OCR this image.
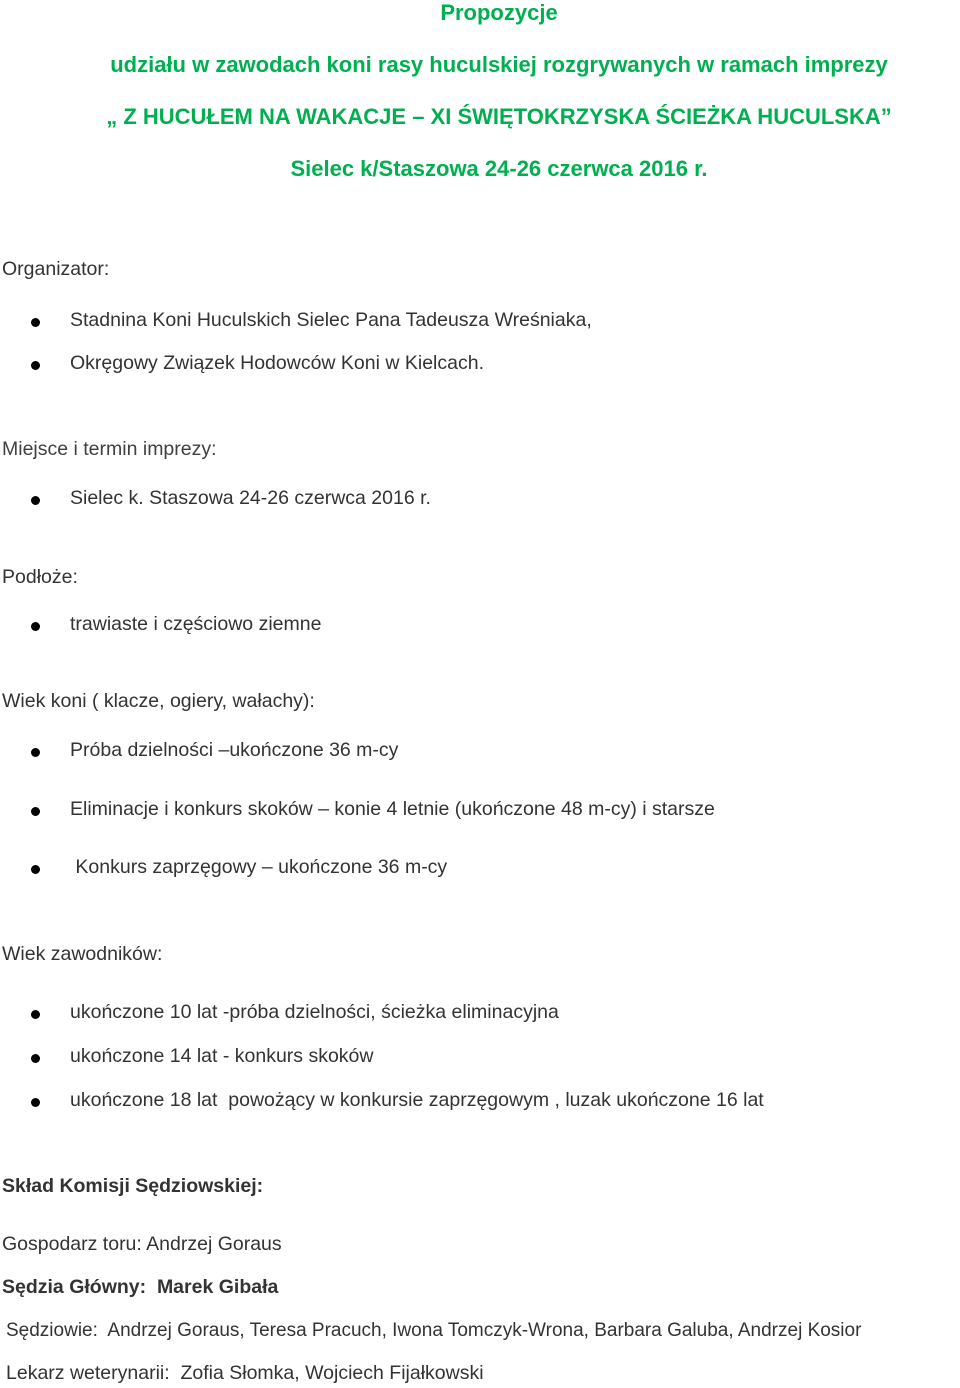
Propozycje
udziału w zawodach koni rasy huculskiej rozgrywanych w ramach imprezy
„ Z HUCUŁEM NA WAKACJE – XI ŚWIĘTOKRZYSKA ŚCIEŻKA HUCULSKA”
Sielec k/Staszowa 24-26 czerwca 2016 r.
Organizator:
Stadnina Koni Huculskich Sielec Pana Tadeusza Wreśniaka,
Okręgowy Związek Hodowców Koni w Kielcach.
Miejsce i termin imprezy:
Sielec k. Staszowa 24-26 czerwca 2016 r.
Podłoże:
trawiaste i częściowo ziemne
Wiek koni ( klacze, ogiery, wałachy):
Próba dzielności –ukończone 36 m-cy
Eliminacje i konkurs skoków – konie 4 letnie (ukończone 48 m-cy) i starsze
Konkurs zaprzęgowy – ukończone 36 m-cy
Wiek zawodników:
ukończone 10 lat -próba dzielności, ścieżka eliminacyjna
ukończone 14 lat - konkurs skoków
ukończone 18 lat  powożący w konkursie zaprzęgowym , luzak ukończone 16 lat
Skład Komisji Sędziowskiej:
Gospodarz toru: Andrzej Goraus
Sędzia Główny:  Marek Gibała
Sędziowie:  Andrzej Goraus, Teresa Pracuch, Iwona Tomczyk-Wrona, Barbara Galuba, Andrzej Kosior
Lekarz weterynarii:  Zofia Słomka, Wojciech Fijałkowski
